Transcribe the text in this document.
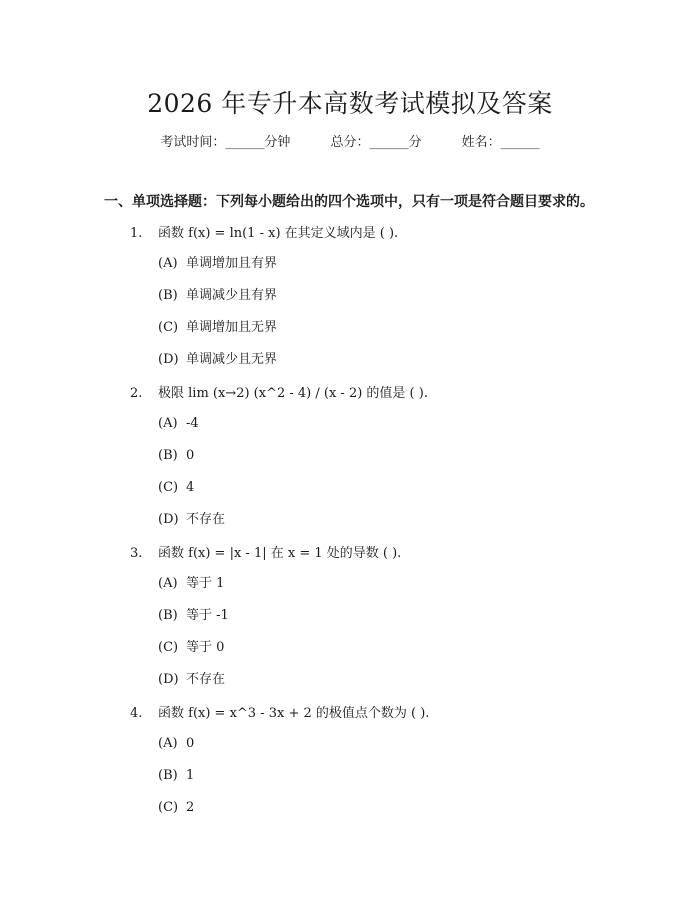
2026 年专升本高数考试模拟及答案
考试时间：______分钟	总分：______分	姓名：______
一、单项选择题：下列每小题给出的四个选项中，只有一项是符合题目要求的。
1. 函数 f(x) = ln(1 - x) 在其定义域内是 ( ).
(A) 单调增加且有界
(B) 单调减少且有界
(C) 单调增加且无界
(D) 单调减少且无界
2. 极限 lim (x→2) (x^2 - 4) / (x - 2) 的值是 ( ).
(A) -4
(B) 0
(C) 4
(D) 不存在
3. 函数 f(x) = |x - 1| 在 x = 1 处的导数 ( ).
(A) 等于 1
(B) 等于 -1
(C) 等于 0
(D) 不存在
4. 函数 f(x) = x^3 - 3x + 2 的极值点个数为 ( ).
(A) 0
(B) 1
(C) 2
